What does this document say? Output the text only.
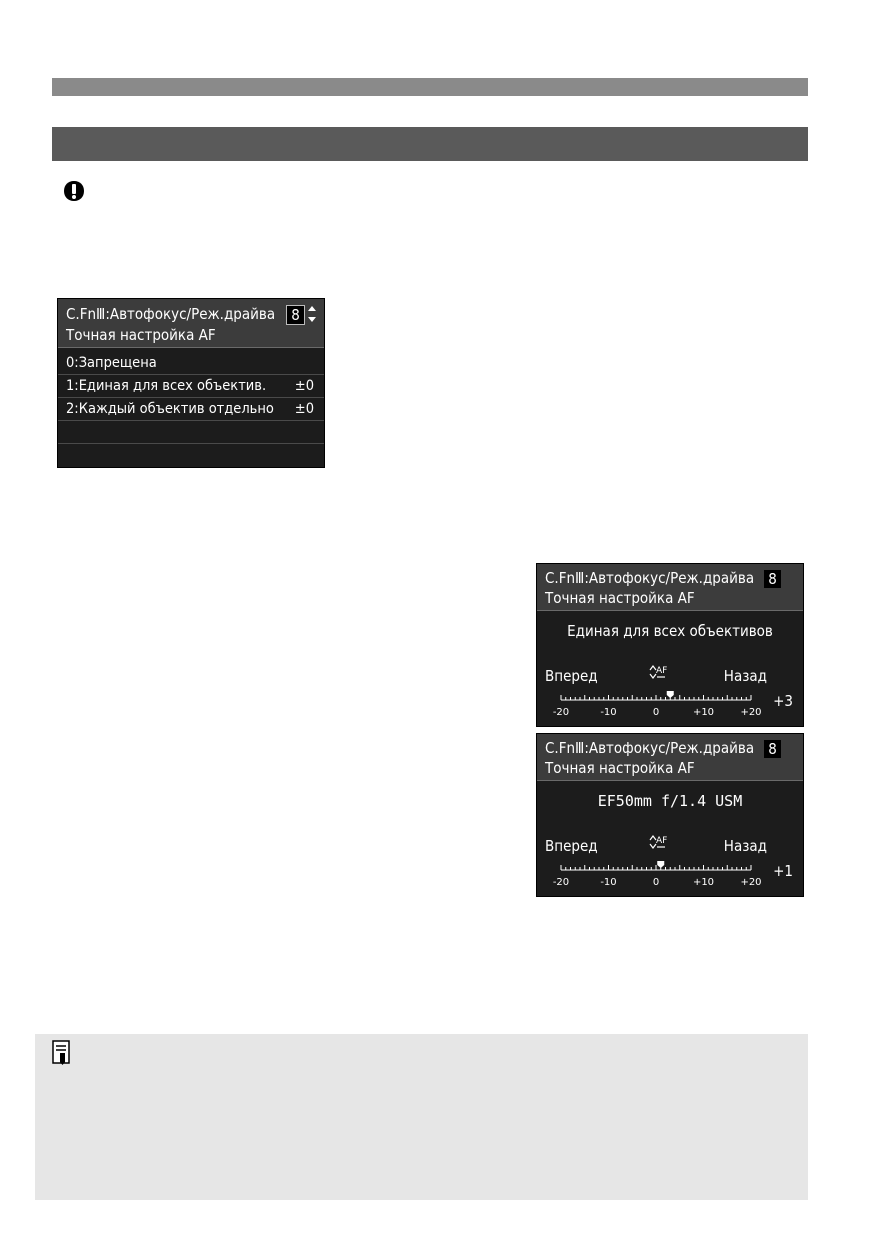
C.FnⅢ:Автофокус/Реж.драйва	8
Точная настройка AF
0:Запрещена
1:Единая для всех объектив. ±0
2:Каждый объектив отдельно ±0
C.FnⅢ:Автофокус/Реж.драйва 8
Точная настройка AF
Единая для всех объективов
Вперед	AF	Назад
-20	-10	0	+10	+20
+3
C.FnⅢ:Автофокус/Реж.драйва 8
Точная настройка AF
EF50mm f/1.4 USM
Вперед	AF	Назад
-20	-10	0	+10	+20
+1
